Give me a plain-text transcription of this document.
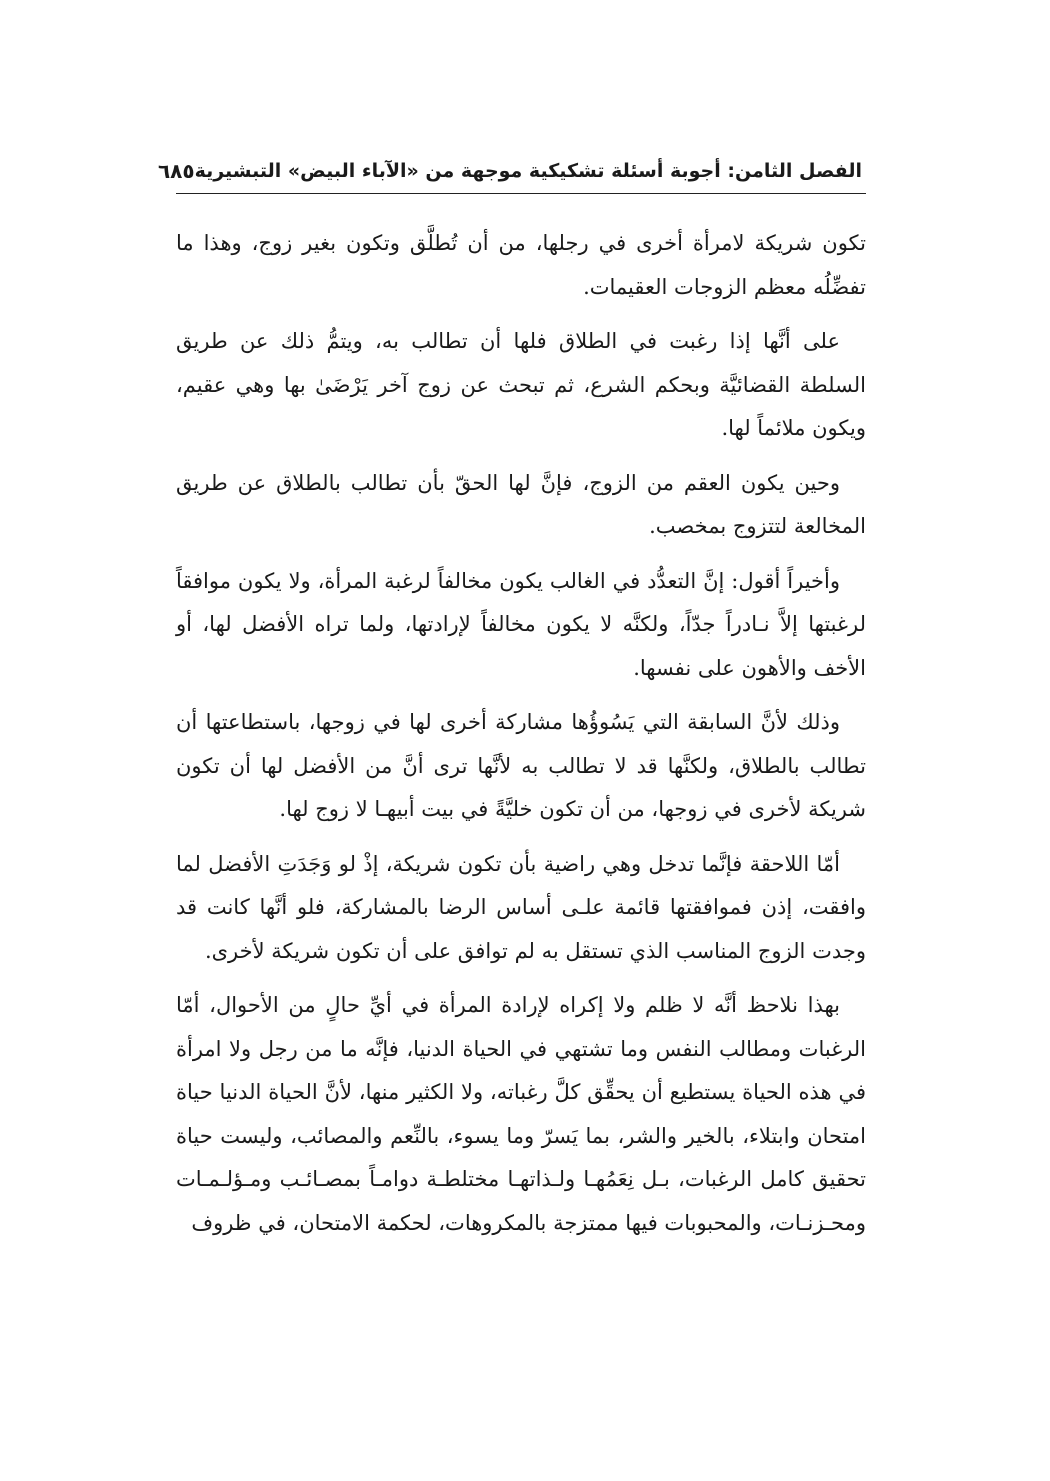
الفصل الثامن: أجوبة أسئلة تشكيكية موجهة من «الآباء البيض» التبشيرية
٦٨٥

تكون شريكة لامرأة أخرى في رجلها، من أن تُطلَّق وتكون بغير زوج، وهذا ما تفضِّلُه معظم الزوجات العقيمات.

على أنَّها إذا رغبت في الطلاق فلها أن تطالب به، ويتمُّ ذلك عن طريق السلطة القضائيَّة وبحكم الشرع، ثم تبحث عن زوج آخر يَرْضَىٰ بها وهي عقيم، ويكون ملائماً لها.

وحين يكون العقم من الزوج، فإنَّ لها الحقّ بأن تطالب بالطلاق عن طريق المخالعة لتتزوج بمخصب.

وأخيراً أقول: إنَّ التعدُّد في الغالب يكون مخالفاً لرغبة المرأة، ولا يكون موافقاً لرغبتها إلاَّ نـادراً جدّاً، ولكنَّه لا يكون مخالفاً لإرادتها، ولما تراه الأفضل لها، أو الأخف والأهون على نفسها.

وذلك لأنَّ السابقة التي يَسُوؤُها مشاركة أخرى لها في زوجها، باستطاعتها أن تطالب بالطلاق، ولكنَّها قد لا تطالب به لأنَّها ترى أنَّ من الأفضل لها أن تكون شريكة لأخرى في زوجها، من أن تكون خليَّةً في بيت أبيهـا لا زوج لها.

أمّا اللاحقة فإنَّما تدخل وهي راضية بأن تكون شريكة، إذْ لو وَجَدَتِ الأفضل لما وافقت، إذن فموافقتها قائمة علـى أساس الرضا بالمشاركة، فلو أنَّها كانت قد وجدت الزوج المناسب الذي تستقل به لم توافق على أن تكون شريكة لأخرى.

بهذا نلاحظ أنَّه لا ظلم ولا إكراه لإرادة المرأة في أيِّ حالٍ من الأحوال، أمّا الرغبات ومطالب النفس وما تشتهي في الحياة الدنيا، فإنَّه ما من رجل ولا امرأة في هذه الحياة يستطيع أن يحقِّق كلَّ رغباته، ولا الكثير منها، لأنَّ الحياة الدنيا حياة امتحان وابتلاء، بالخير والشر، بما يَسرّ وما يسوء، بالنِّعم والمصائب، وليست حياة تحقيق كامل الرغبات، بـل نِعَمُهـا ولـذاتهـا مختلطـة دوامـاً بمصـائـب ومـؤلـمـات ومحـزنـات، والمحبوبات فيها ممتزجة بالمكروهات، لحكمة الامتحان، في ظروف
